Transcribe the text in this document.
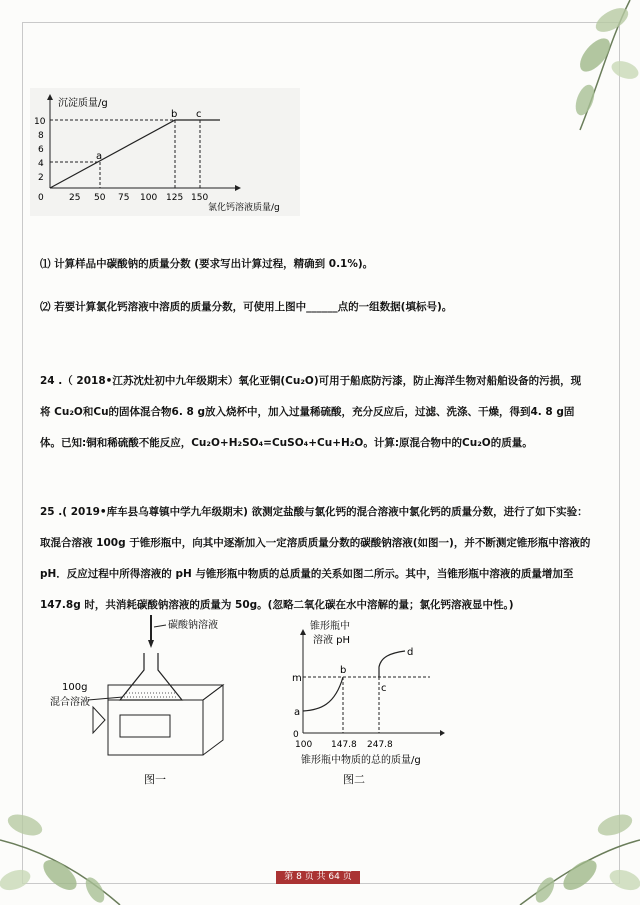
沉淀质量/g
氯化钙溶液质量/g
10
8
6
4
2
0	25 50 75 100 125 150
a
b c
⑴ 计算样品中碳酸钠的质量分数 (要求写出计算过程，精确到 0.1%)。
⑵ 若要计算氯化钙溶液中溶质的质量分数，可使用上图中______点的一组数据(填标号)。
24 .（ 2018•江苏沈灶初中九年级期末）氧化亚铜(Cu₂O)可用于船底防污漆，防止海洋生物对船舶设备的污损，现
将 Cu₂O和Cu的固体混合物6. 8 g放入烧杯中，加入过量稀硫酸，充分反应后，过滤、洗涤、干燥，得到4. 8 g固
体。已知:铜和稀硫酸不能反应，Cu₂O+H₂SO₄=CuSO₄+Cu+H₂O。计算:原混合物中的Cu₂O的质量。
25 .( 2019•库车县乌尊镇中学九年级期末) 欲测定盐酸与氯化钙的混合溶液中氯化钙的质量分数，进行了如下实验：
取混合溶液 100g 于锥形瓶中，向其中逐渐加入一定溶质质量分数的碳酸钠溶液(如图一)，并不断测定锥形瓶中溶液的
pH．反应过程中所得溶液的 pH 与锥形瓶中物质的总质量的关系如图二所示。其中，当锥形瓶中溶液的质量增加至
147.8g 时，共消耗碳酸钠溶液的质量为 50g。(忽略二氧化碳在水中溶解的量；氯化钙溶液显中性。)
碳酸钠溶液
100g
混合溶液
图一
锥形瓶中
溶液 pH
0
m
a
b
c
d
100 147.8 247.8
锥形瓶中物质的总的质量/g
图二
第 8 页 共 64 页
